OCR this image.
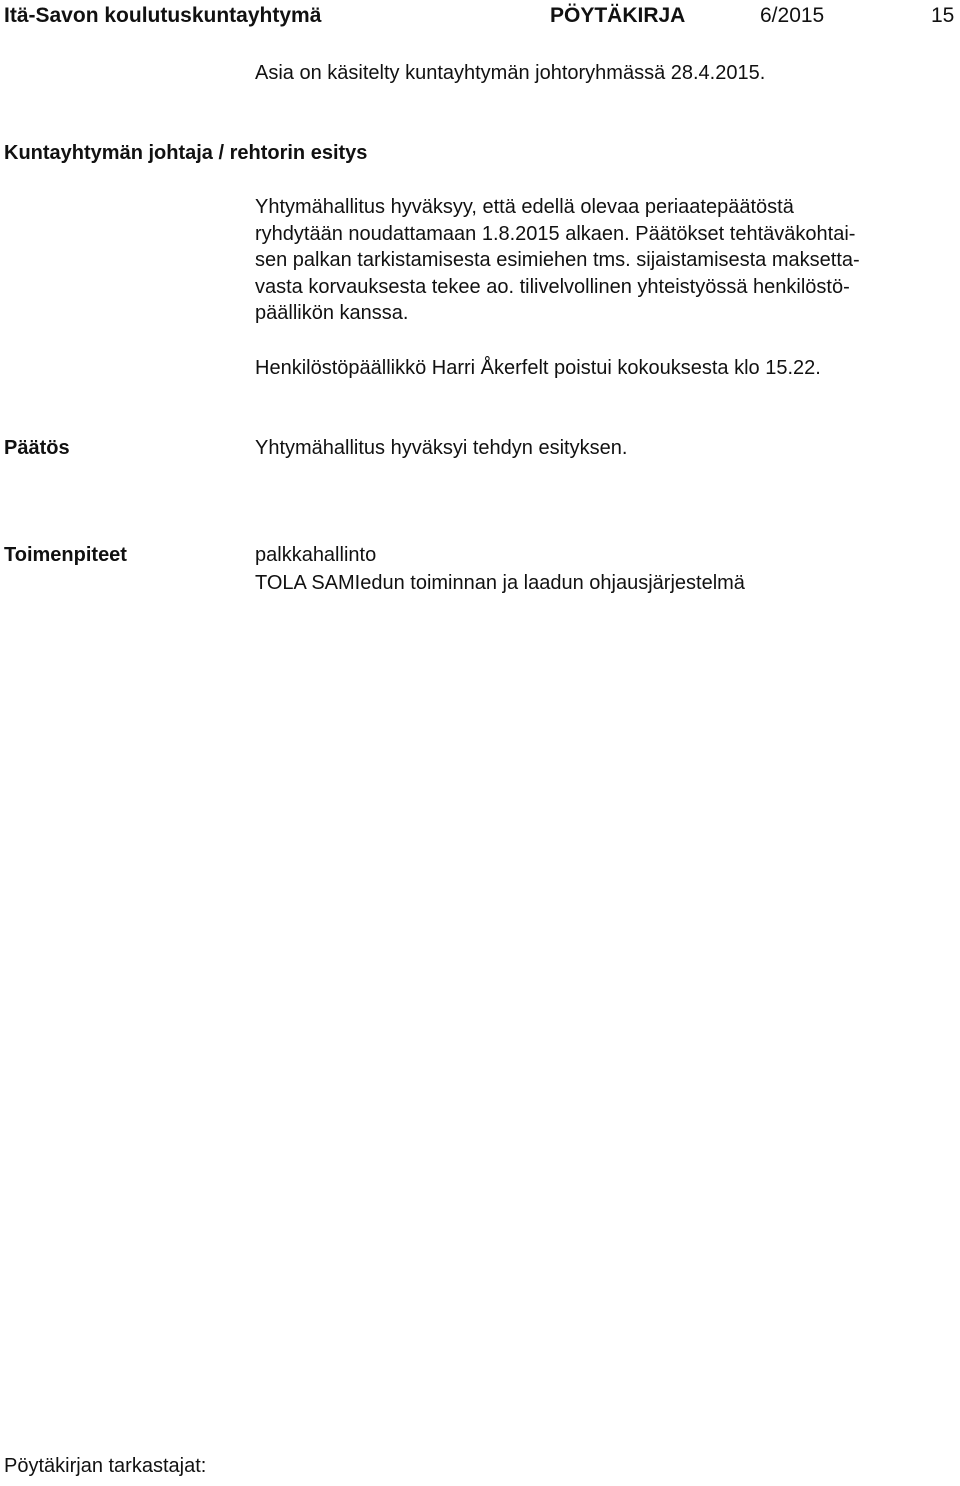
Itä-Savon koulutuskuntayhtymä	PÖYTÄKIRJA	6/2015	15
Asia on käsitelty kuntayhtymän johtoryhmässä 28.4.2015.
Kuntayhtymän johtaja / rehtorin esitys
Yhtymähallitus hyväksyy, että edellä olevaa periaatepäätöstä
ryhdytään noudattamaan 1.8.2015 alkaen. Päätökset tehtäväkohtai-
sen palkan tarkistamisesta esimiehen tms. sijaistamisesta maksetta-
vasta korvauksesta tekee ao. tilivelvollinen yhteistyössä henkilöstö-
päällikön kanssa.
Henkilöstöpäällikkö Harri Åkerfelt poistui kokouksesta klo 15.22.
Päätös	Yhtymähallitus hyväksyi tehdyn esityksen.
Toimenpiteet	palkkahallinto
TOLA SAMIedun toiminnan ja laadun ohjausjärjestelmä
Pöytäkirjan tarkastajat:
